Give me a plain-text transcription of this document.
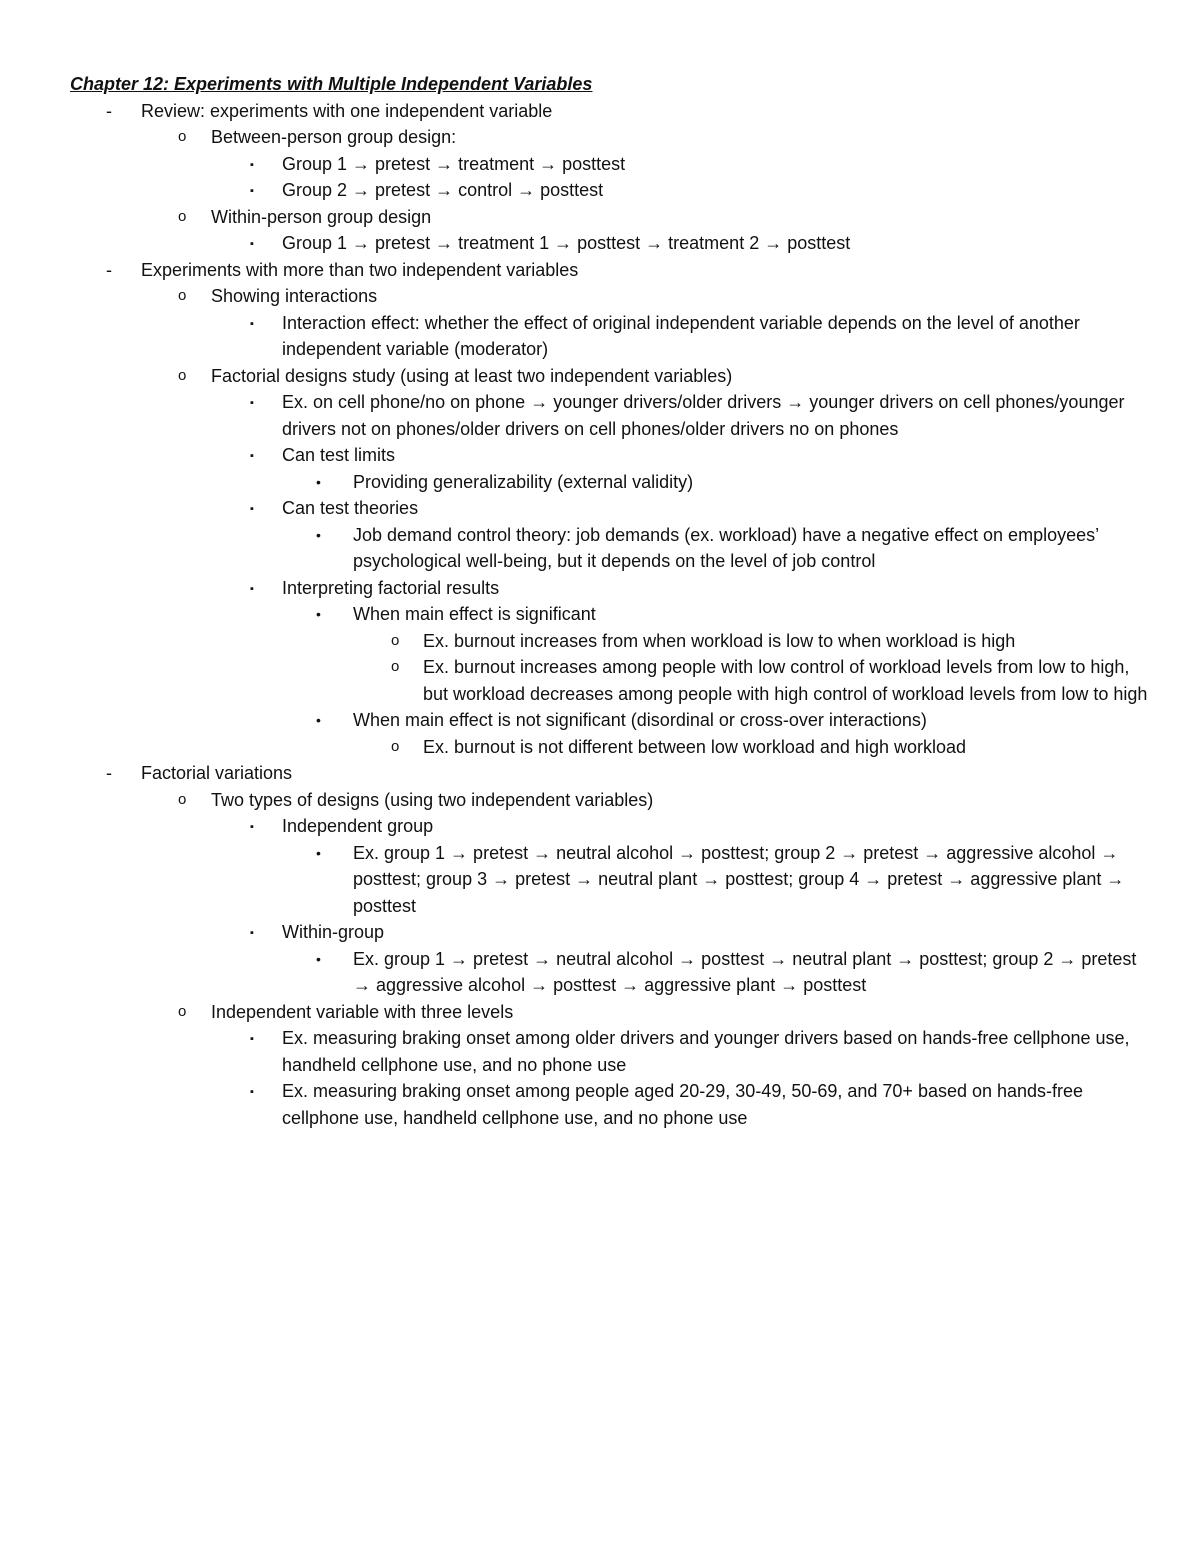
Chapter 12: Experiments with Multiple Independent Variables
- Review: experiments with one independent variable
o Between-person group design:
▪ Group 1 → pretest → treatment → posttest
▪ Group 2 → pretest → control → posttest
o Within-person group design
▪ Group 1 → pretest → treatment 1 → posttest → treatment 2 → posttest
- Experiments with more than two independent variables
o Showing interactions
▪ Interaction effect: whether the effect of original independent variable depends on the level of another independent variable (moderator)
o Factorial designs study (using at least two independent variables)
▪ Ex. on cell phone/no on phone → younger drivers/older drivers → younger drivers on cell phones/younger drivers not on phones/older drivers on cell phones/older drivers no on phones
▪ Can test limits
• Providing generalizability (external validity)
▪ Can test theories
• Job demand control theory: job demands (ex. workload) have a negative effect on employees’ psychological well-being, but it depends on the level of job control
▪ Interpreting factorial results
• When main effect is significant
o Ex. burnout increases from when workload is low to when workload is high
o Ex. burnout increases among people with low control of workload levels from low to high, but workload decreases among people with high control of workload levels from low to high
• When main effect is not significant (disordinal or cross-over interactions)
o Ex. burnout is not different between low workload and high workload
- Factorial variations
o Two types of designs (using two independent variables)
▪ Independent group
• Ex. group 1 → pretest → neutral alcohol → posttest; group 2 → pretest → aggressive alcohol → posttest; group 3 → pretest → neutral plant → posttest; group 4 → pretest → aggressive plant → posttest
▪ Within-group
• Ex. group 1 → pretest → neutral alcohol → posttest → neutral plant → posttest; group 2 → pretest → aggressive alcohol → posttest → aggressive plant → posttest
o Independent variable with three levels
▪ Ex. measuring braking onset among older drivers and younger drivers based on hands-free cellphone use, handheld cellphone use, and no phone use
▪ Ex. measuring braking onset among people aged 20-29, 30-49, 50-69, and 70+ based on hands-free cellphone use, handheld cellphone use, and no phone use
